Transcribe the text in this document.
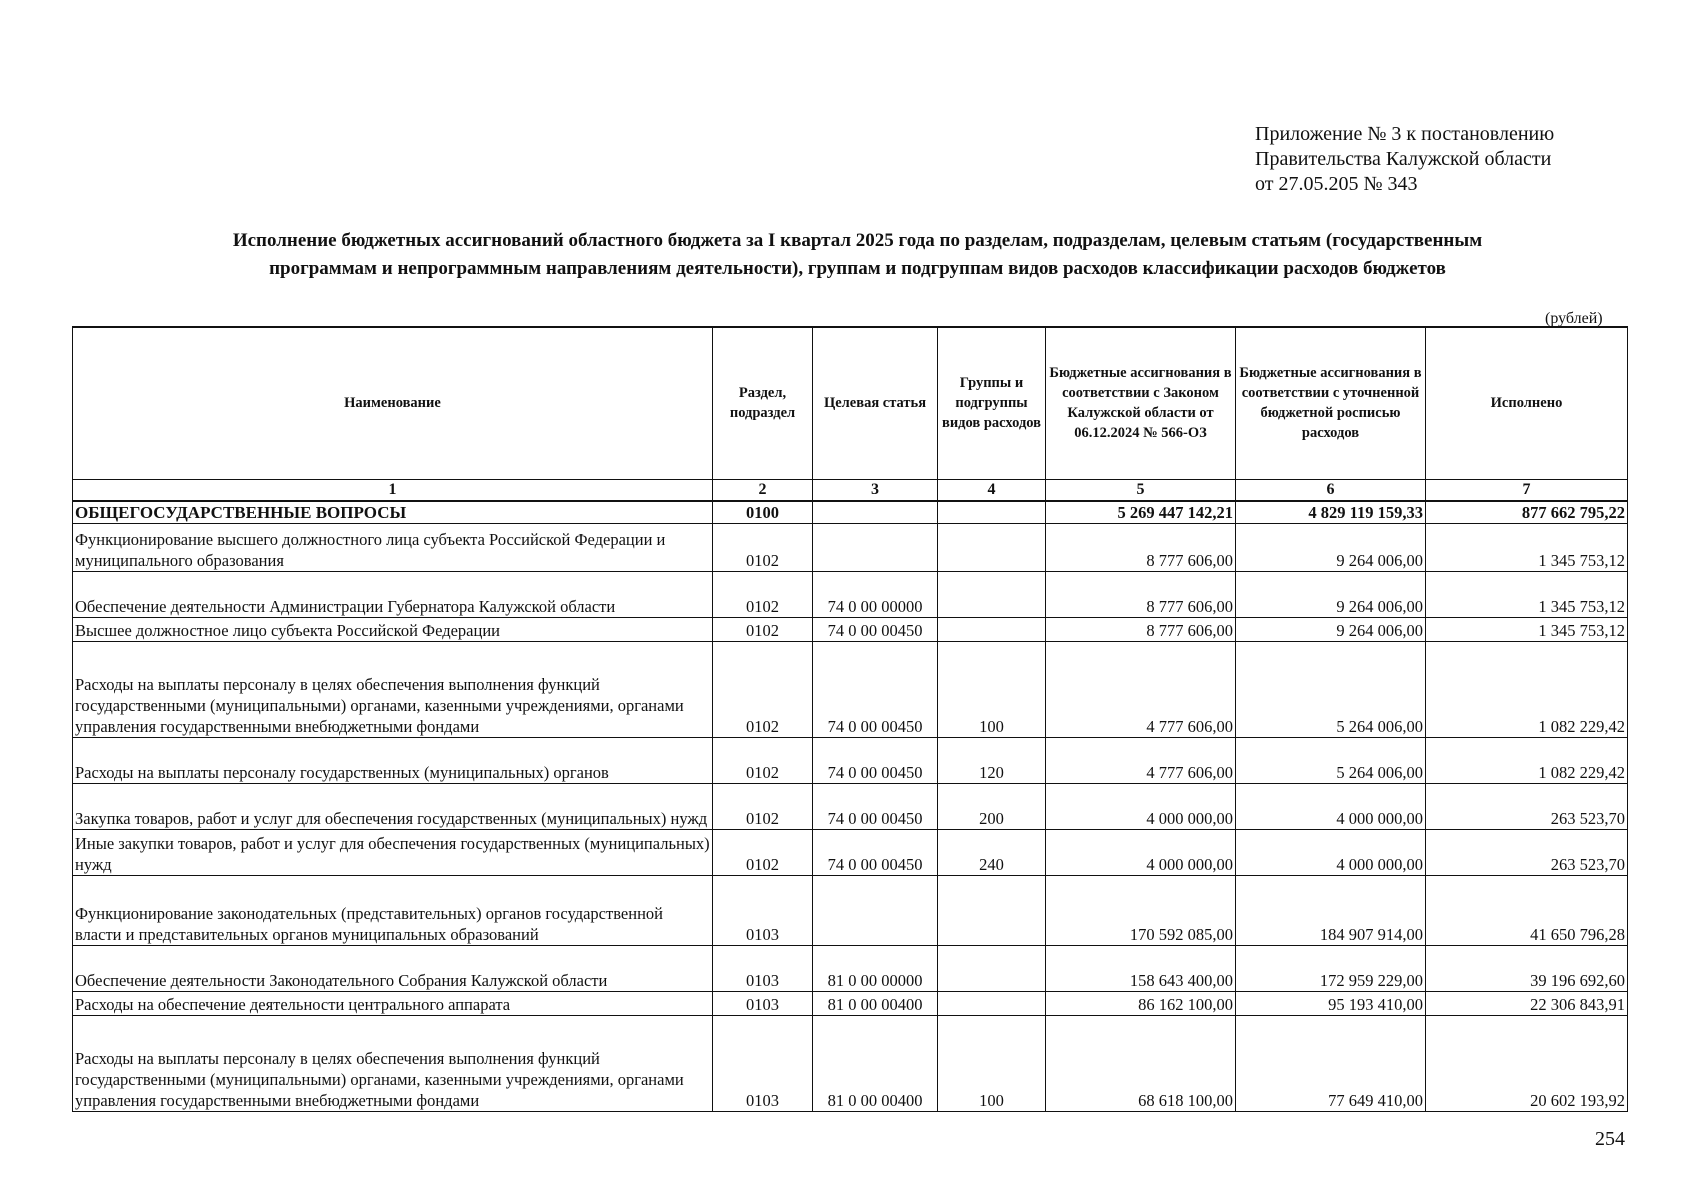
Приложение № 3 к постановлению
Правительства Калужской области
от 27.05.205 № 343
Исполнение бюджетных ассигнований областного бюджета за I квартал 2025 года по разделам, подразделам, целевым статьям (государственным
программам и непрограммным направлениям деятельности), группам и подгруппам видов расходов классификации расходов бюджетов
(рублей)
Наименование	Раздел, подраздел	Целевая статья	Группы и подгруппы видов расходов	Бюджетные ассигнования в соответствии с Законом Калужской области от 06.12.2024 № 566-ОЗ	Бюджетные ассигнования в соответствии с уточненной бюджетной росписью расходов	Исполнено
1	2	3	4	5	6	7
ОБЩЕГОСУДАРСТВЕННЫЕ ВОПРОСЫ	0100			5 269 447 142,21	4 829 119 159,33	877 662 795,22
Функционирование высшего должностного лица субъекта Российской Федерации и муниципального образования	0102			8 777 606,00	9 264 006,00	1 345 753,12
Обеспечение деятельности Администрации Губернатора Калужской области	0102	74 0 00 00000		8 777 606,00	9 264 006,00	1 345 753,12
Высшее должностное лицо субъекта Российской Федерации	0102	74 0 00 00450		8 777 606,00	9 264 006,00	1 345 753,12
Расходы на выплаты персоналу в целях обеспечения выполнения функций государственными (муниципальными) органами, казенными учреждениями, органами управления государственными внебюджетными фондами	0102	74 0 00 00450	100	4 777 606,00	5 264 006,00	1 082 229,42
Расходы на выплаты персоналу государственных (муниципальных) органов	0102	74 0 00 00450	120	4 777 606,00	5 264 006,00	1 082 229,42
Закупка товаров, работ и услуг для обеспечения государственных (муниципальных) нужд	0102	74 0 00 00450	200	4 000 000,00	4 000 000,00	263 523,70
Иные закупки товаров, работ и услуг для обеспечения государственных (муниципальных) нужд	0102	74 0 00 00450	240	4 000 000,00	4 000 000,00	263 523,70
Функционирование законодательных (представительных) органов государственной власти и представительных органов муниципальных образований	0103			170 592 085,00	184 907 914,00	41 650 796,28
Обеспечение деятельности Законодательного Собрания Калужской области	0103	81 0 00 00000		158 643 400,00	172 959 229,00	39 196 692,60
Расходы на обеспечение деятельности центрального аппарата	0103	81 0 00 00400		86 162 100,00	95 193 410,00	22 306 843,91
Расходы на выплаты персоналу в целях обеспечения выполнения функций государственными (муниципальными) органами, казенными учреждениями, органами управления государственными внебюджетными фондами	0103	81 0 00 00400	100	68 618 100,00	77 649 410,00	20 602 193,92
254
